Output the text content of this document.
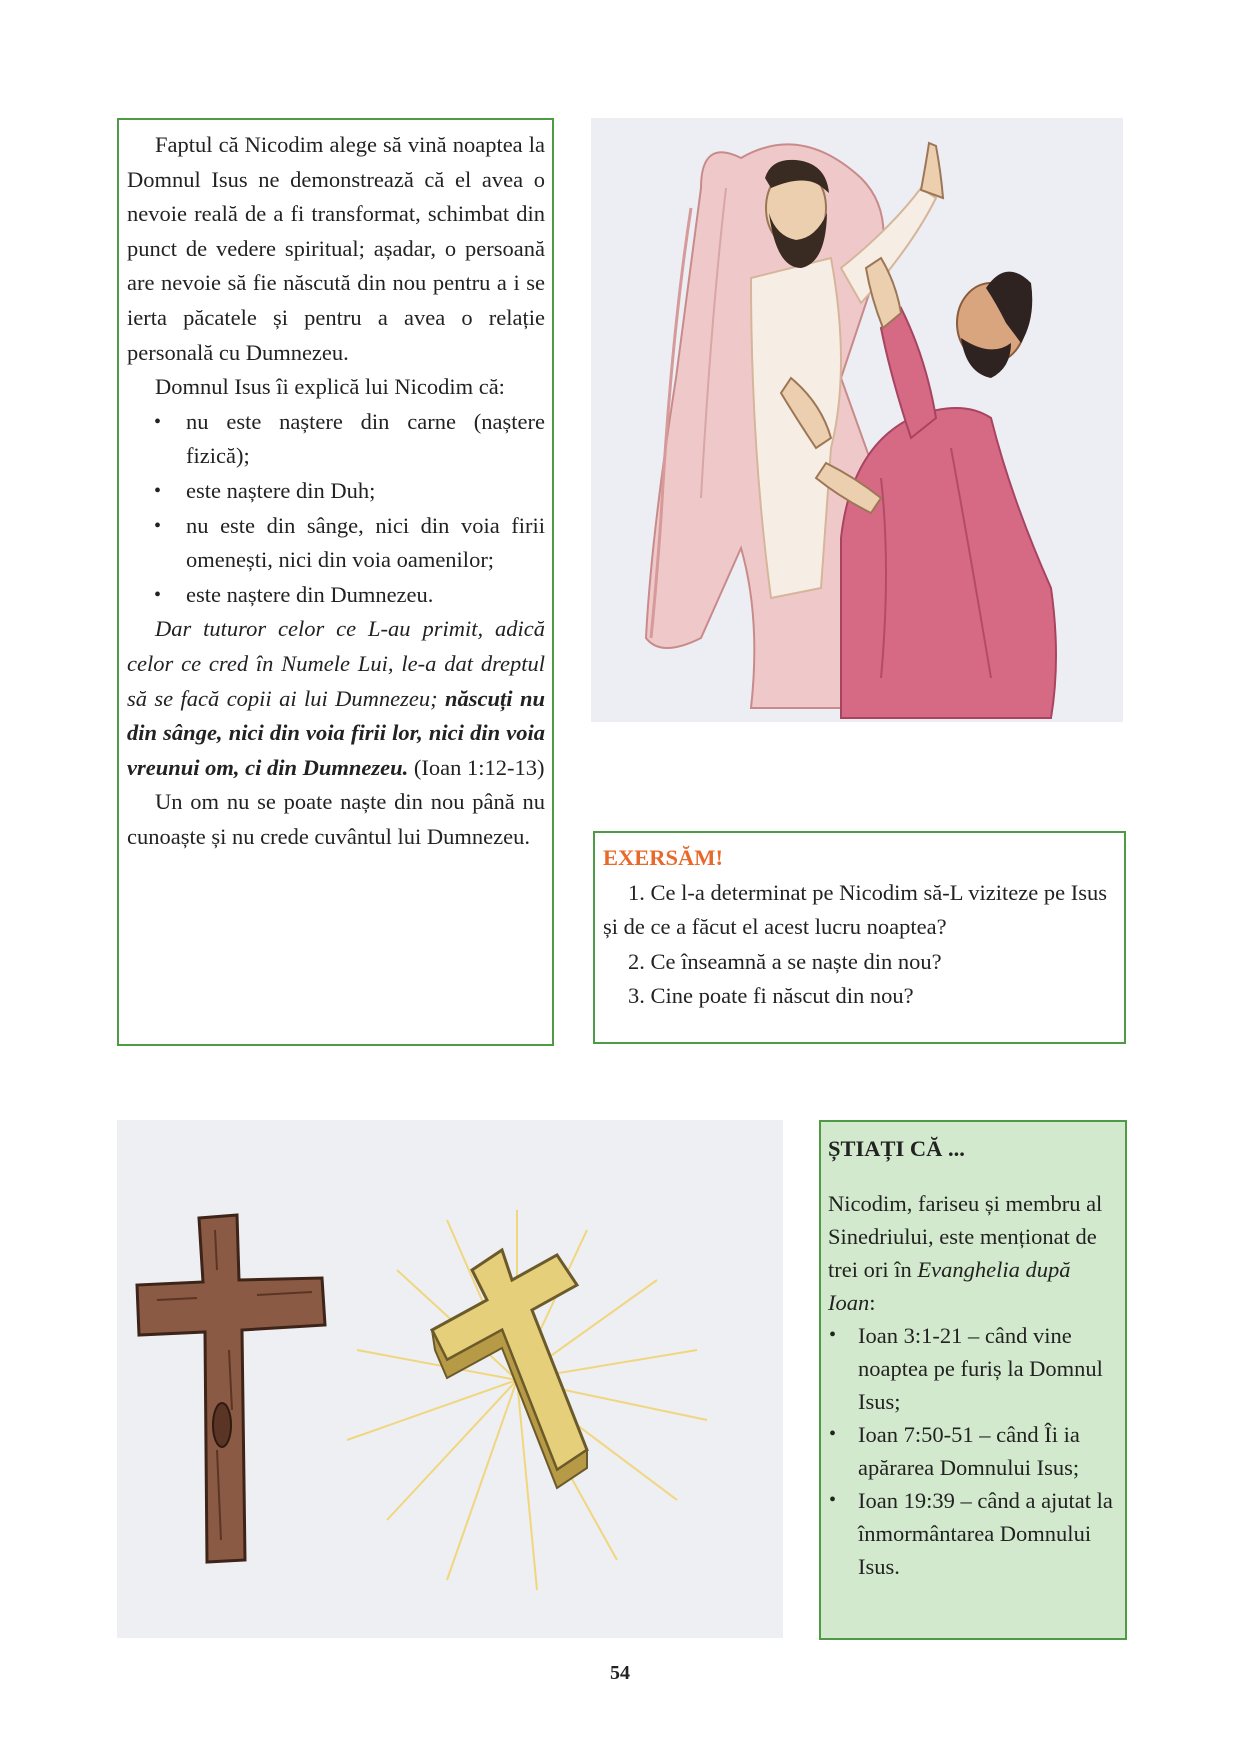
Faptul că Nicodim alege să vină noaptea la Domnul Isus ne demonstrează că el avea o nevoie reală de a fi transformat, schimbat din punct de vedere spiritual; așadar, o persoană are nevoie să fie născută din nou pentru a i se ierta păcatele și pentru a avea o relație personală cu Dumnezeu.

Domnul Isus îi explică lui Nicodim că:

• nu este naștere din carne (naștere fizică);
• este naștere din Duh;
• nu este din sânge, nici din voia firii omenești, nici din voia oamenilor;
• este naștere din Dumnezeu.

Dar tuturor celor ce L-au primit, adică celor ce cred în Numele Lui, le-a dat dreptul să se facă copii ai lui Dumnezeu; născuți nu din sânge, nici din voia firii lor, nici din voia vreunui om, ci din Dumnezeu. (Ioan 1:12-13)

Un om nu se poate naște din nou până nu cunoaște și nu crede cuvântul lui Dumnezeu.

EXERSĂM!

1. Ce l-a determinat pe Nicodim să-L viziteze pe Isus și de ce a făcut el acest lucru noaptea?

2. Ce înseamnă a se naște din nou?

3. Cine poate fi născut din nou?

ȘTIAȚI CĂ ...

Nicodim, fariseu și membru al Sinedriului, este menționat de trei ori în Evanghelia după Ioan:

• Ioan 3:1-21 – când vine noaptea pe furiș la Domnul Isus;
• Ioan 7:50-51 – când Îi ia apărarea Domnului Isus;
• Ioan 19:39 – când a ajutat la înmormântarea Domnului Isus.
54
